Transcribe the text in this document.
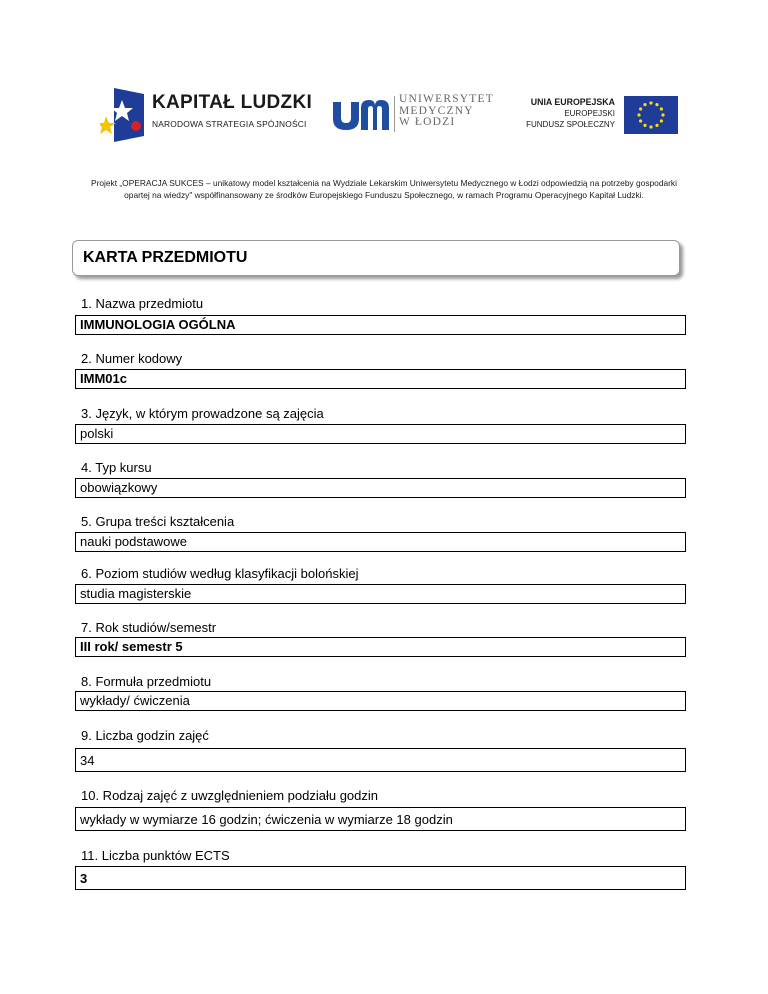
KAPITAŁ LUDZKI
NARODOWA STRATEGIA SPÓJNOŚCI
UNIWERSYTET
MEDYCZNY
W ŁODZI
UNIA EUROPEJSKA
EUROPEJSKI
FUNDUSZ SPOŁECZNY
Projekt „OPERACJA SUKCES – unikatowy model kształcenia na Wydziale Lekarskim Uniwersytetu Medycznego w Łodzi odpowiedzią na potrzeby gospodarki opartej na wiedzy" współfinansowany ze środków Europejskiego Funduszu Społecznego, w ramach Programu Operacyjnego Kapitał Ludzki.
KARTA PRZEDMIOTU
1. Nazwa przedmiotu
IMMUNOLOGIA OGÓLNA
2. Numer kodowy
IMM01c
3. Język, w którym prowadzone są zajęcia
polski
4. Typ kursu
obowiązkowy
5. Grupa treści kształcenia
nauki podstawowe
6. Poziom studiów według klasyfikacji bolońskiej
studia magisterskie
7. Rok studiów/semestr
III rok/ semestr 5
8. Formuła przedmiotu
wykłady/ ćwiczenia
9. Liczba godzin zajęć
34
10. Rodzaj zajęć z uwzględnieniem podziału godzin
wykłady w wymiarze 16 godzin; ćwiczenia w wymiarze 18 godzin
11. Liczba punktów ECTS
3
